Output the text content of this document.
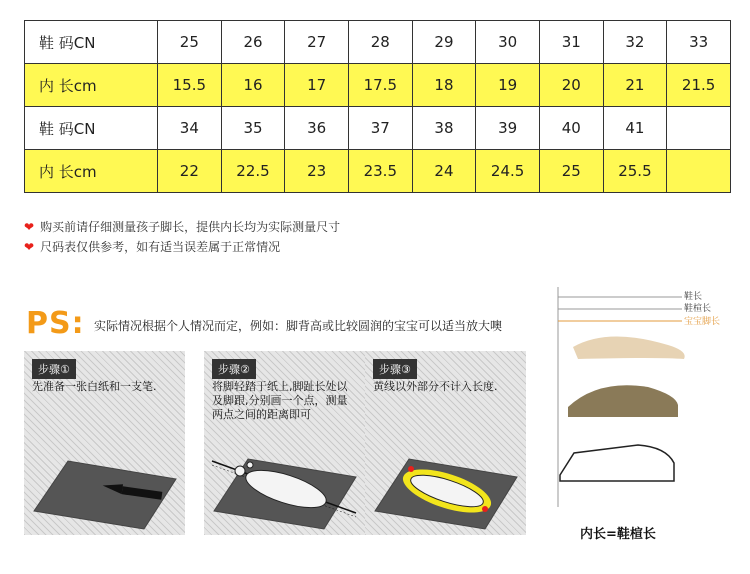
鞋 码CN	25	26	27	28	29	30	31	32	33
内 长cm	15.5	16	17	17.5	18	19	20	21	21.5
鞋 码CN	34	35	36	37	38	39	40	41	
内 长cm	22	22.5	23	23.5	24	24.5	25	25.5	
❤ 购买前请仔细测量孩子脚长，提供内长均为实际测量尺寸
❤ 尺码表仅供参考，如有适当误差属于正常情况
PS: 实际情况根据个人情况而定，例如：脚背高或比较圆润的宝宝可以适当放大噢
步骤①
先准备一张白纸和一支笔.
步骤②
将脚轻踏于纸上,脚趾长处以及脚跟,分别画一个点，测量两点之间的距离即可
步骤③
黄线以外部分不计入长度.
鞋长
鞋楦长
宝宝脚长
内长=鞋楦长
